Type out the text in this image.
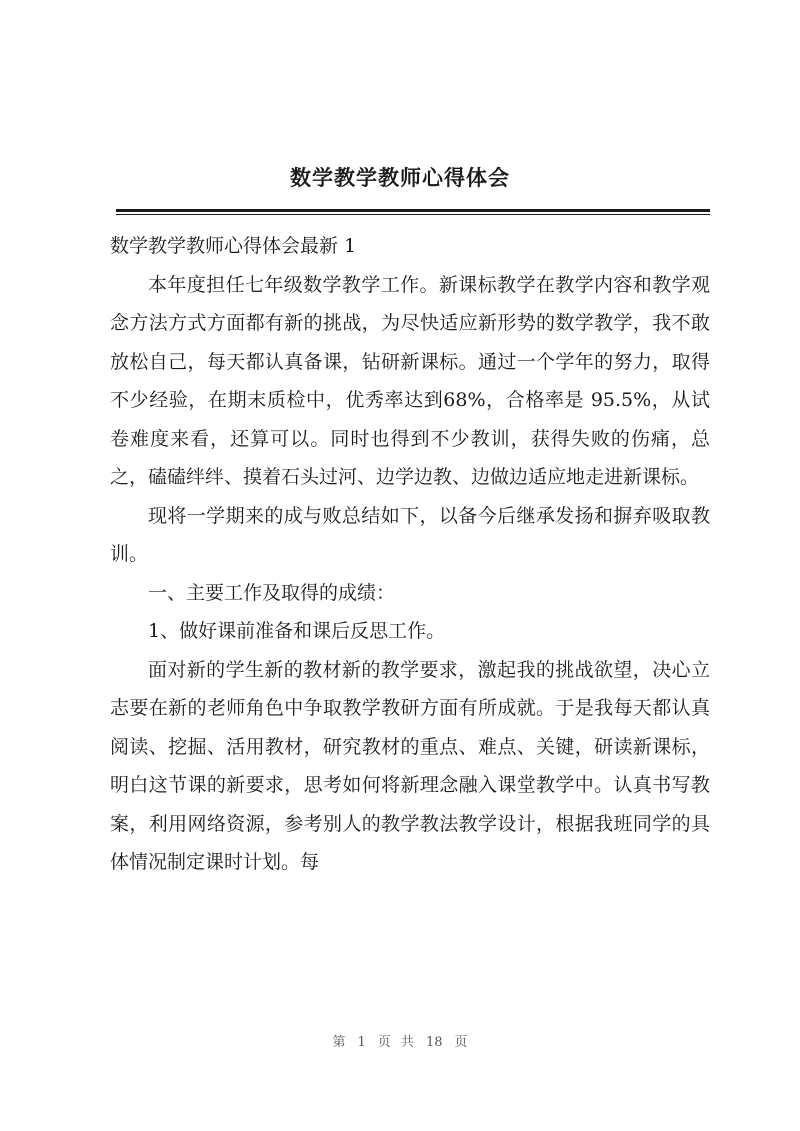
数学教学教师心得体会

数学教学教师心得体会最新 1

本年度担任七年级数学教学工作。新课标教学在教学内容和教学观念方法方式方面都有新的挑战，为尽快适应新形势的数学教学，我不敢放松自己，每天都认真备课，钻研新课标。通过一个学年的努力，取得不少经验，在期末质检中，优秀率达到68%，合格率是 95.5%，从试卷难度来看，还算可以。同时也得到不少教训，获得失败的伤痛，总之，磕磕绊绊、摸着石头过河、边学边教、边做边适应地走进新课标。

现将一学期来的成与败总结如下，以备今后继承发扬和摒弃吸取教训。

一、主要工作及取得的成绩：

1、做好课前准备和课后反思工作。

面对新的学生新的教材新的教学要求，激起我的挑战欲望，决心立志要在新的老师角色中争取教学教研方面有所成就。于是我每天都认真阅读、挖掘、活用教材，研究教材的重点、难点、关键，研读新课标，明白这节课的新要求，思考如何将新理念融入课堂教学中。认真书写教案，利用网络资源，参考别人的教学教法教学设计，根据我班同学的具体情况制定课时计划。每

第 1 页 共 18 页
